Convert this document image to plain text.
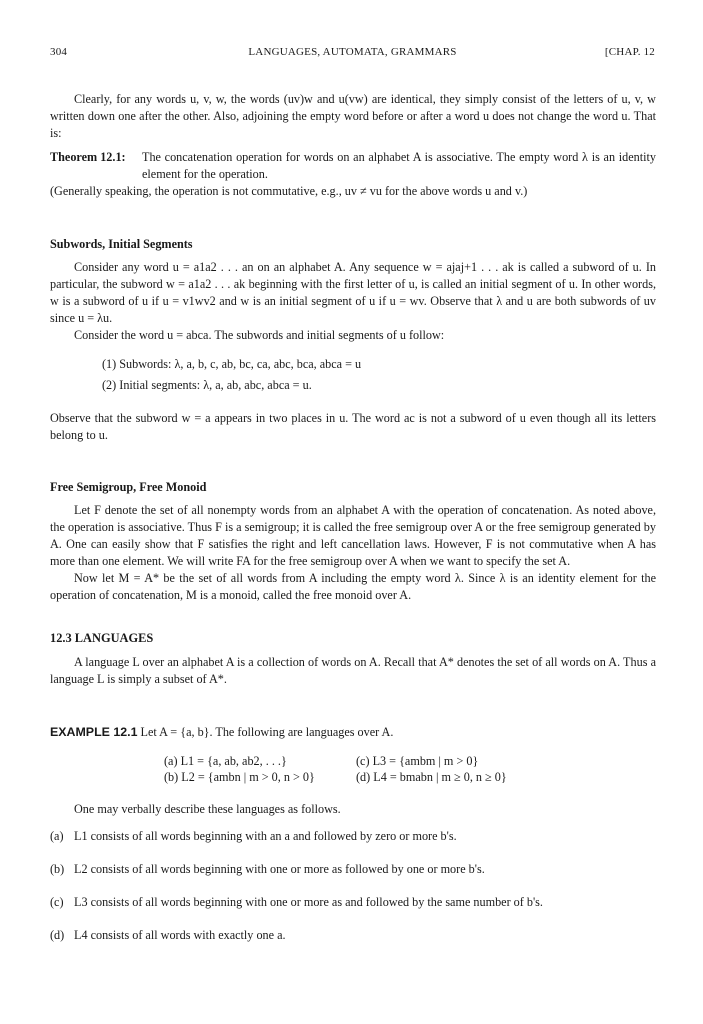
304	LANGUAGES, AUTOMATA, GRAMMARS	[CHAP. 12

Clearly, for any words u, v, w, the words (uv)w and u(vw) are identical, they simply consist of the letters of u, v, w written down one after the other. Also, adjoining the empty word before or after a word u does not change the word u. That is:

Theorem 12.1:	The concatenation operation for words on an alphabet A is associative. The empty word λ is an identity element for the operation.

(Generally speaking, the operation is not commutative, e.g., uv ≠ vu for the above words u and v.)

Subwords, Initial Segments

Consider any word u = a1a2 . . . an on an alphabet A. Any sequence w = ajaj+1 . . . ak is called a subword of u. In particular, the subword w = a1a2 . . . ak beginning with the first letter of u, is called an initial segment of u. In other words, w is a subword of u if u = v1wv2 and w is an initial segment of u if u = wv. Observe that λ and u are both subwords of uv since u = λu.

Consider the word u = abca. The subwords and initial segments of u follow:

(1) Subwords: λ, a, b, c, ab, bc, ca, abc, bca, abca = u
(2) Initial segments: λ, a, ab, abc, abca = u.

Observe that the subword w = a appears in two places in u. The word ac is not a subword of u even though all its letters belong to u.

Free Semigroup, Free Monoid

Let F denote the set of all nonempty words from an alphabet A with the operation of concatenation. As noted above, the operation is associative. Thus F is a semigroup; it is called the free semigroup over A or the free semigroup generated by A. One can easily show that F satisfies the right and left cancellation laws. However, F is not commutative when A has more than one element. We will write FA for the free semigroup over A when we want to specify the set A.

Now let M = A* be the set of all words from A including the empty word λ. Since λ is an identity element for the operation of concatenation, M is a monoid, called the free monoid over A.

12.3 LANGUAGES

A language L over an alphabet A is a collection of words on A. Recall that A* denotes the set of all words on A. Thus a language L is simply a subset of A*.

EXAMPLE 12.1 Let A = {a, b}. The following are languages over A.
(a) L1 = {a, ab, ab2, . . .}	(c) L3 = {ambm | m > 0}
(b) L2 = {ambn | m > 0, n > 0}	(d) L4 = bmabn | m ≥ 0, n ≥ 0}

One may verbally describe these languages as follows.

(a) L1 consists of all words beginning with an a and followed by zero or more b's.
(b) L2 consists of all words beginning with one or more as followed by one or more b's.
(c) L3 consists of all words beginning with one or more as and followed by the same number of b's.
(d) L4 consists of all words with exactly one a.
